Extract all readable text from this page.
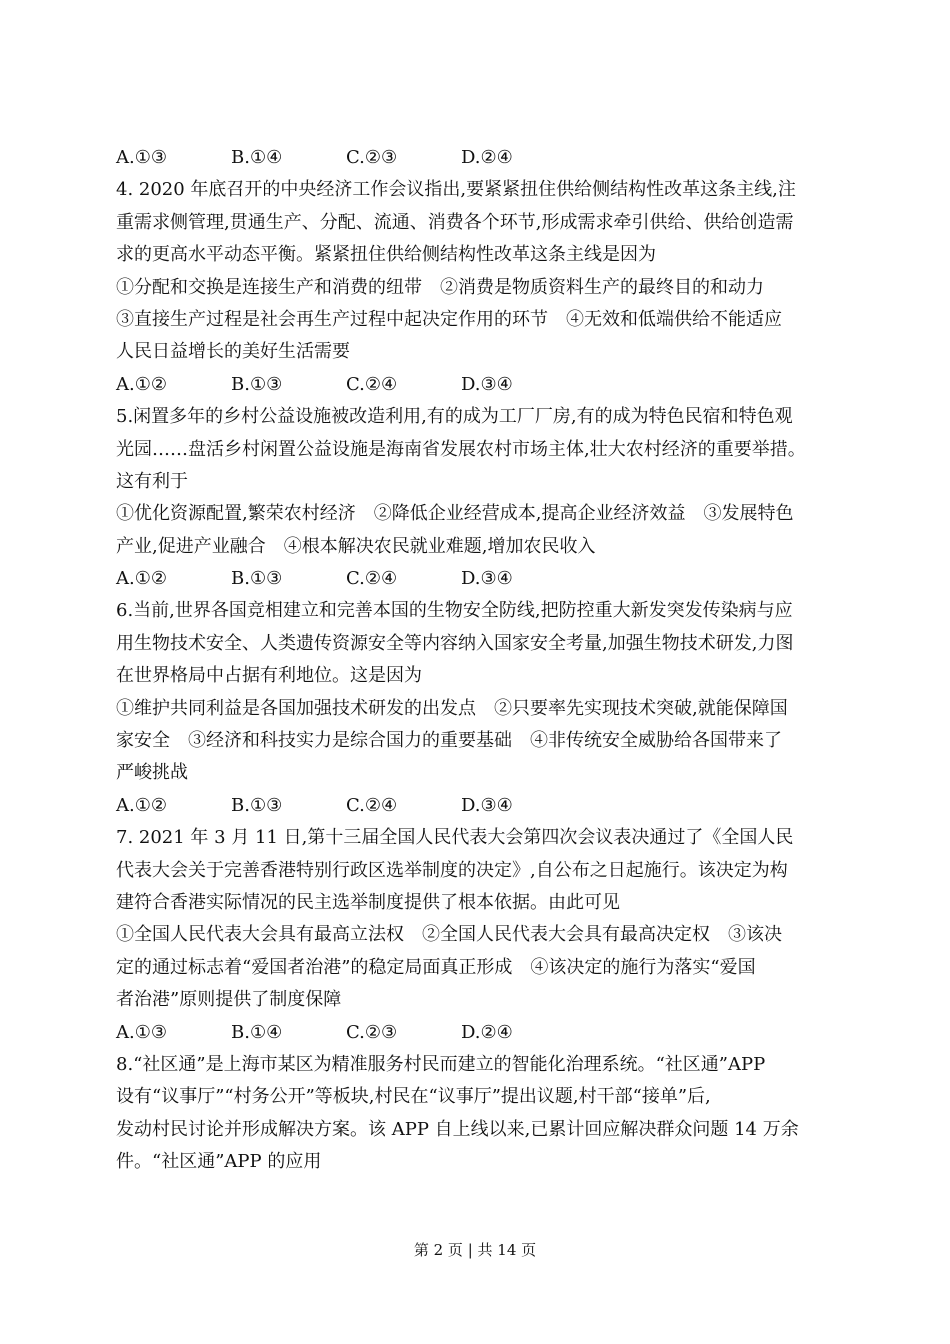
A.①③	B.①④	C.②③	D.②④
4. 2020 年底召开的中央经济工作会议指出,要紧紧扭住供给侧结构性改革这条主线,注
重需求侧管理,贯通生产、分配、流通、消费各个环节,形成需求牵引供给、供给创造需
求的更高水平动态平衡。紧紧扭住供给侧结构性改革这条主线是因为
①分配和交换是连接生产和消费的纽带　②消费是物质资料生产的最终目的和动力
③直接生产过程是社会再生产过程中起决定作用的环节　④无效和低端供给不能适应
人民日益增长的美好生活需要
A.①②	B.①③	C.②④	D.③④
5.闲置多年的乡村公益设施被改造利用,有的成为工厂厂房,有的成为特色民宿和特色观
光园……盘活乡村闲置公益设施是海南省发展农村市场主体,壮大农村经济的重要举措。
这有利于
①优化资源配置,繁荣农村经济　②降低企业经营成本,提高企业经济效益　③发展特色
产业,促进产业融合　④根本解决农民就业难题,增加农民收入
A.①②	B.①③	C.②④	D.③④
6.当前,世界各国竞相建立和完善本国的生物安全防线,把防控重大新发突发传染病与应
用生物技术安全、人类遗传资源安全等内容纳入国家安全考量,加强生物技术研发,力图
在世界格局中占据有利地位。这是因为
①维护共同利益是各国加强技术研发的出发点　②只要率先实现技术突破,就能保障国
家安全　③经济和科技实力是综合国力的重要基础　④非传统安全威胁给各国带来了
严峻挑战
A.①②	B.①③	C.②④	D.③④
7. 2021 年 3 月 11 日,第十三届全国人民代表大会第四次会议表决通过了《全国人民
代表大会关于完善香港特别行政区选举制度的决定》,自公布之日起施行。该决定为构
建符合香港实际情况的民主选举制度提供了根本依据。由此可见
①全国人民代表大会具有最高立法权　②全国人民代表大会具有最高决定权　③该决
定的通过标志着“爱国者治港”的稳定局面真正形成　④该决定的施行为落实“爱国
者治港”原则提供了制度保障
A.①③	B.①④	C.②③	D.②④
8.“社区通”是上海市某区为精准服务村民而建立的智能化治理系统。“社区通”APP
设有“议事厅”“村务公开”等板块,村民在“议事厅”提出议题,村干部“接单”后,
发动村民讨论并形成解决方案。该 APP 自上线以来,已累计回应解决群众问题 14 万余
件。“社区通”APP 的应用
第 2 页 | 共 14 页
